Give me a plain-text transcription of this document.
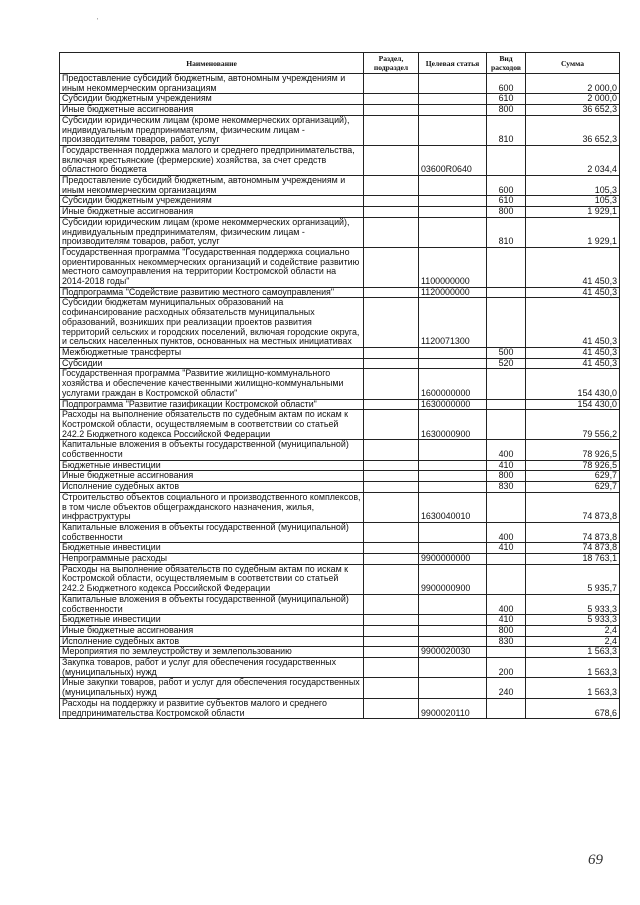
'
Наименование	Раздел, подраздел	Целевая статья	Вид расходов	Сумма
Предоставление субсидий бюджетным, автономным учреждениям и иным некоммерческим организациям			600	2 000,0
Субсидии бюджетным учреждениям			610	2 000,0
Иные бюджетные ассигнования			800	36 652,3
Субсидии юридическим лицам (кроме некоммерческих организаций), индивидуальным предпринимателям, физическим лицам - производителям товаров, работ, услуг			810	36 652,3
Государственная поддержка малого и среднего предпринимательства, включая крестьянские (фермерские) хозяйства, за счет средств областного бюджета		03600R0640		2 034,4
Предоставление субсидий бюджетным, автономным учреждениям и иным некоммерческим организациям			600	105,3
Субсидии бюджетным учреждениям			610	105,3
Иные бюджетные ассигнования			800	1 929,1
Субсидии юридическим лицам (кроме некоммерческих организаций), индивидуальным предпринимателям, физическим лицам - производителям товаров, работ, услуг			810	1 929,1
Государственная программа "Государственная поддержка социально ориентированных некоммерческих организаций и содействие развитию местного самоуправления на территории Костромской области на 2014-2018 годы"		1100000000		41 450,3
Подпрограмма "Содействие развитию местного самоуправления"		1120000000		41 450,3
Субсидии бюджетам муниципальных образований на софинансирование расходных обязательств муниципальных образований, возникших при реализации проектов развития территорий сельских и городских поселений, включая городские округа, и сельских населенных пунктов, основанных на местных инициативах		1120071300		41 450,3
Межбюджетные трансферты			500	41 450,3
Субсидии			520	41 450,3
Государственная программа "Развитие жилищно-коммунального хозяйства и обеспечение качественными жилищно-коммунальными услугами граждан в Костромской области"		1600000000		154 430,0
Подпрограмма "Развитие газификации Костромской области"		1630000000		154 430,0
Расходы на выполнение обязательств по судебным актам по искам к Костромской области, осуществляемым в соответствии со статьей 242.2 Бюджетного кодекса Российской Федерации		1630000900		79 556,2
Капитальные вложения в объекты государственной (муниципальной) собственности			400	78 926,5
Бюджетные инвестиции			410	78 926,5
Иные бюджетные ассигнования			800	629,7
Исполнение судебных актов			830	629,7
Строительство объектов социального и производственного комплексов, в том числе объектов общегражданского назначения, жилья, инфраструктуры		1630040010		74 873,8
Капитальные вложения в объекты государственной (муниципальной) собственности			400	74 873,8
Бюджетные инвестиции			410	74 873,8
Непрограммные расходы		9900000000		18 763,1
Расходы на выполнение обязательств по судебным актам по искам к Костромской области, осуществляемым в соответствии со статьей 242.2 Бюджетного кодекса Российской Федерации		9900000900		5 935,7
Капитальные вложения в объекты государственной (муниципальной) собственности			400	5 933,3
Бюджетные инвестиции			410	5 933,3
Иные бюджетные ассигнования			800	2,4
Исполнение судебных актов			830	2,4
Мероприятия по землеустройству и землепользованию		9900020030		1 563,3
Закупка товаров, работ и услуг для обеспечения государственных (муниципальных) нужд			200	1 563,3
Иные закупки товаров, работ и услуг для обеспечения государственных (муниципальных) нужд			240	1 563,3
Расходы на поддержку и развитие субъектов малого и среднего предпринимательства Костромской области		9900020110		678,6
69
